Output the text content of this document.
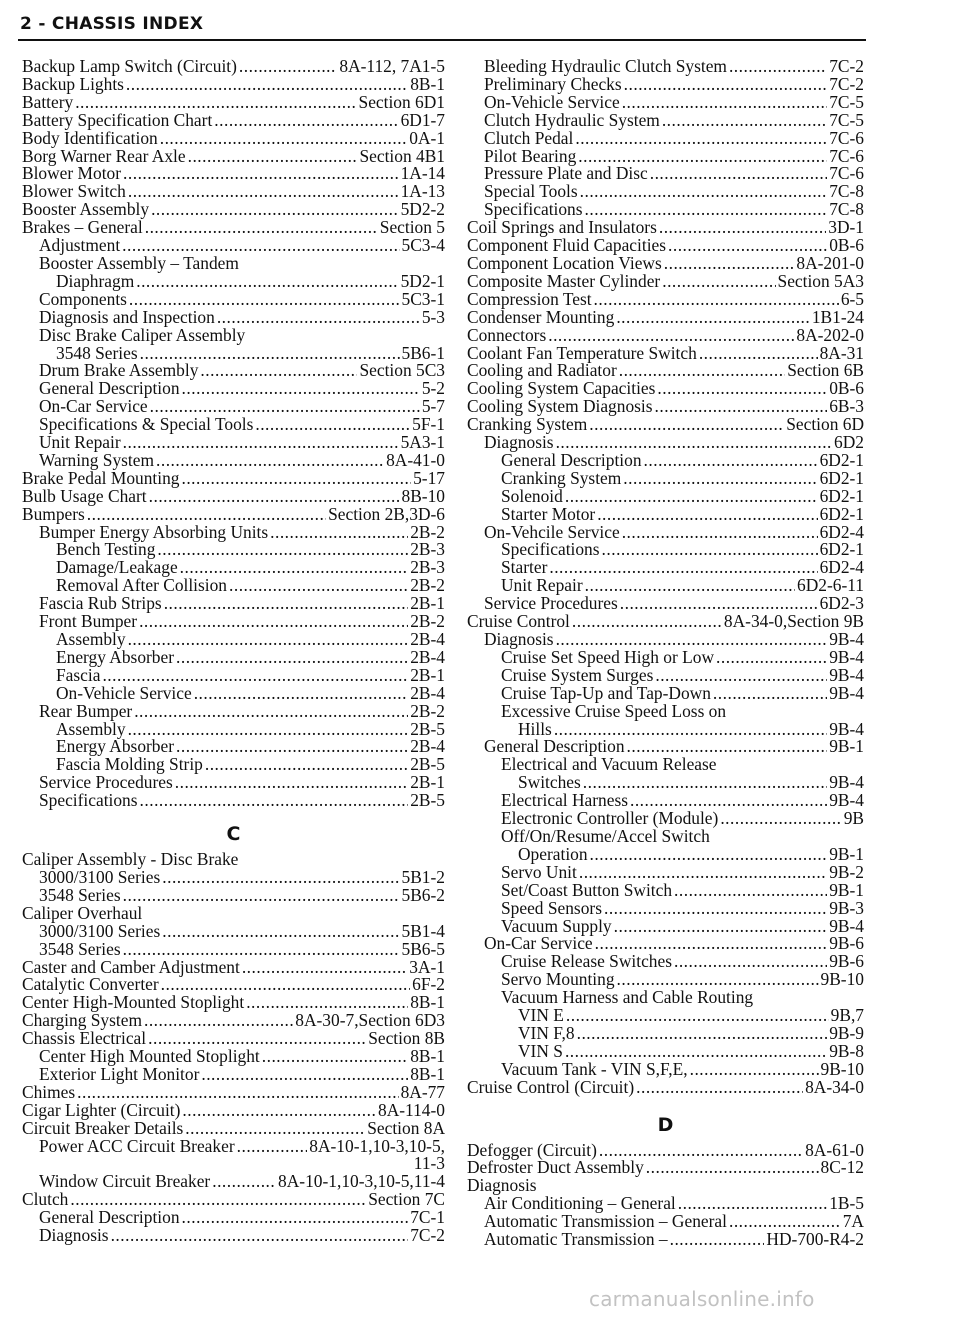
2 - CHASSIS INDEX
Backup Lamp Switch (Circuit) .....	8A-112, 7A1-5
Backup Lights .....	8B-1
Battery .....	Section 6D1
Battery Specification Chart .....	6D1-7
Body Identification .....	0A-1
Borg Warner Rear Axle .....	Section 4B1
Blower Motor .....	1A-14
Blower Switch .....	1A-13
Booster Assembly .....	5D2-2
Brakes – General .....	Section 5
Adjustment .....	5C3-4
Booster Assembly – Tandem
Diaphragm .....	5D2-1
Components .....	5C3-1
Diagnosis and Inspection .....	5-3
Disc Brake Caliper Assembly
3548 Series .....	5B6-1
Drum Brake Assembly .....	Section 5C3
General Description .....	5-2
On-Car Service .....	5-7
Specifications & Special Tools .....	5F-1
Unit Repair .....	5A3-1
Warning System .....	8A-41-0
Brake Pedal Mounting .....	5-17
Bulb Usage Chart .....	8B-10
Bumpers .....	Section 2B,3D-6
Bumper Energy Absorbing Units .....	2B-2
Bench Testing .....	2B-3
Damage/Leakage .....	2B-3
Removal After Collision .....	2B-2
Fascia Rub Strips .....	2B-1
Front Bumper .....	2B-2
Assembly .....	2B-4
Energy Absorber .....	2B-4
Fascia .....	2B-1
On-Vehicle Service .....	2B-4
Rear Bumper .....	2B-2
Assembly .....	2B-5
Energy Absorber .....	2B-4
Fascia Molding Strip .....	2B-5
Service Procedures .....	2B-1
Specifications .....	2B-5
C
Caliper Assembly - Disc Brake
3000/3100 Series .....	5B1-2
3548 Series .....	5B6-2
Caliper Overhaul
3000/3100 Series .....	5B1-4
3548 Series .....	5B6-5
Caster and Camber Adjustment .....	3A-1
Catalytic Converter .....	6F-2
Center High-Mounted Stoplight .....	8B-1
Charging System .....	8A-30-7,Section 6D3
Chassis Electrical .....	Section 8B
Center High Mounted Stoplight .....	8B-1
Exterior Light Monitor .....	8B-1
Chimes .....	8A-77
Cigar Lighter (Circuit) .....	8A-114-0
Circuit Breaker Details .....	Section 8A
Power ACC Circuit Breaker .....	8A-10-1,10-3,10-5,
11-3
Window Circuit Breaker .....	8A-10-1,10-3,10-5,11-4
Clutch .....	Section 7C
General Description .....	7C-1
Diagnosis .....	7C-2
Bleeding Hydraulic Clutch System .....	7C-2
Preliminary Checks .....	7C-2
On-Vehicle Service .....	7C-5
Clutch Hydraulic System .....	7C-5
Clutch Pedal .....	7C-6
Pilot Bearing .....	7C-6
Pressure Plate and Disc .....	7C-6
Special Tools .....	7C-8
Specifications .....	7C-8
Coil Springs and Insulators .....	3D-1
Component Fluid Capacities .....	0B-6
Component Location Views .....	8A-201-0
Composite Master Cylinder .....	Section 5A3
Compression Test .....	6-5
Condenser Mounting .....	1B1-24
Connectors .....	8A-202-0
Coolant Fan Temperature Switch .....	8A-31
Cooling and Radiator .....	Section 6B
Cooling System Capacities .....	0B-6
Cooling System Diagnosis .....	6B-3
Cranking System .....	Section 6D
Diagnosis .....	6D2
General Description .....	6D2-1
Cranking System .....	6D2-1
Solenoid .....	6D2-1
Starter Motor .....	6D2-1
On-Vehcile Service .....	6D2-4
Specifications .....	6D2-1
Starter .....	6D2-4
Unit Repair .....	6D2-6-11
Service Procedures .....	6D2-3
Cruise Control .....	8A-34-0,Section 9B
Diagnosis .....	9B-4
Cruise Set Speed High or Low .....	9B-4
Cruise System Surges .....	9B-4
Cruise Tap-Up and Tap-Down .....	9B-4
Excessive Cruise Speed Loss on
Hills .....	9B-4
General Description .....	9B-1
Electrical and Vacuum Release
Switches .....	9B-4
Electrical Harness .....	9B-4
Electronic Controller (Module) .....	9B
Off/On/Resume/Accel Switch
Operation .....	9B-1
Servo Unit .....	9B-2
Set/Coast Button Switch .....	9B-1
Speed Sensors .....	9B-3
Vacuum Supply .....	9B-4
On-Car Service .....	9B-6
Cruise Release Switches .....	9B-6
Servo Mounting .....	9B-10
Vacuum Harness and Cable Routing
VIN E .....	9B,7
VIN F,8 .....	9B-9
VIN S .....	9B-8
Vacuum Tank - VIN S,F,E, .....	9B-10
Cruise Control (Circuit) .....	8A-34-0
D
Defogger (Circuit) .....	8A-61-0
Defroster Duct Assembly .....	8C-12
Diagnosis
Air Conditioning – General .....	1B-5
Automatic Transmission – General .....	7A
Automatic Transmission – .....	HD-700-R4-2
carmanualsonline.info
